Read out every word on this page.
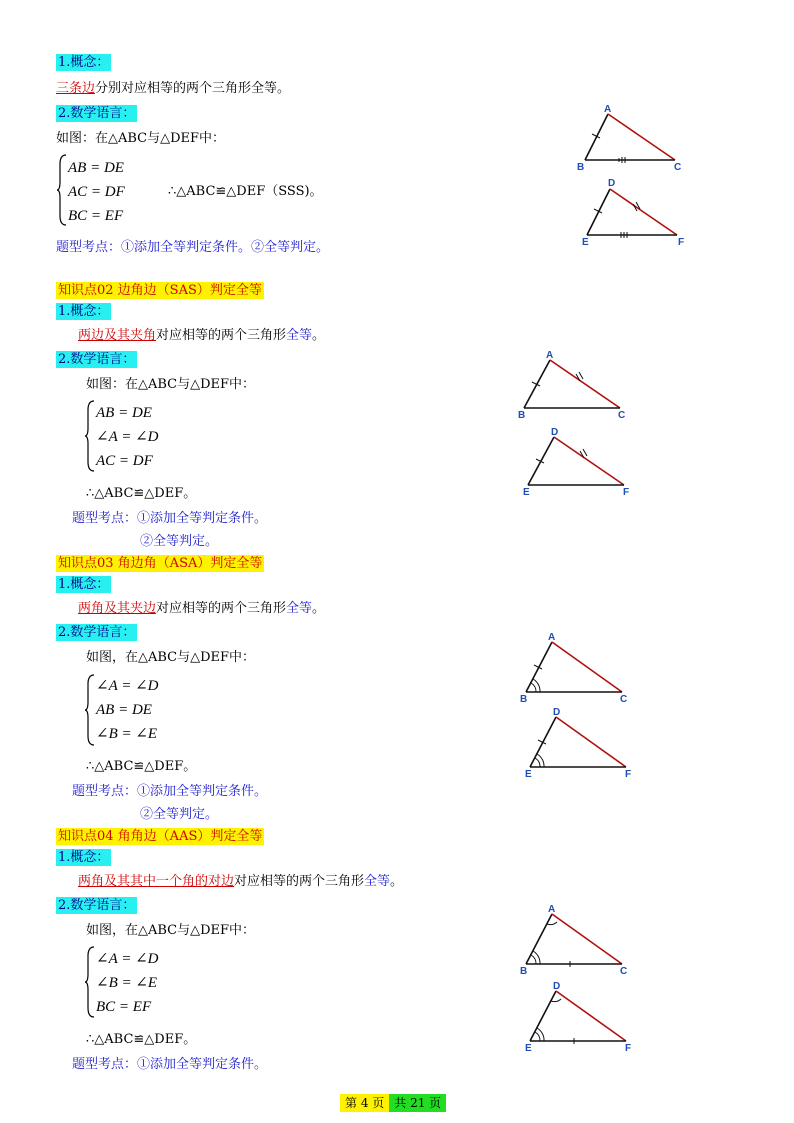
1.概念：
三条边分别对应相等的两个三角形全等。
2.数学语言：
如图：在△ABC与△DEF中：
AB = DE
AC = DF
BC = EF
∴△ABC≌△DEF（SSS)。
题型考点：①添加全等判定条件。②全等判定。
A
B	C
D
E	F
知识点02 边角边（SAS）判定全等
1.概念：
两边及其夹角对应相等的两个三角形全等。
2.数学语言：
如图：在△ABC与△DEF中：
AB = DE
∠A = ∠D
AC = DF
∴△ABC≌△DEF。
题型考点：①添加全等判定条件。
②全等判定。
A
B	C
D
E	F
知识点03 角边角（ASA）判定全等
1.概念：
两角及其夹边对应相等的两个三角形全等。
2.数学语言：
如图，在△ABC与△DEF中：
∠A = ∠D
AB = DE
∠B = ∠E
∴△ABC≌△DEF。
题型考点：①添加全等判定条件。
②全等判定。
A
B	C
D
E	F
知识点04 角角边（AAS）判定全等
1.概念：
两角及其其中一个角的对边对应相等的两个三角形全等。
2.数学语言：
如图，在△ABC与△DEF中：
∠A = ∠D
∠B = ∠E
BC = EF
∴△ABC≌△DEF。
题型考点：①添加全等判定条件。
A
B	C
D
E	F
第 4 页 共 21 页
